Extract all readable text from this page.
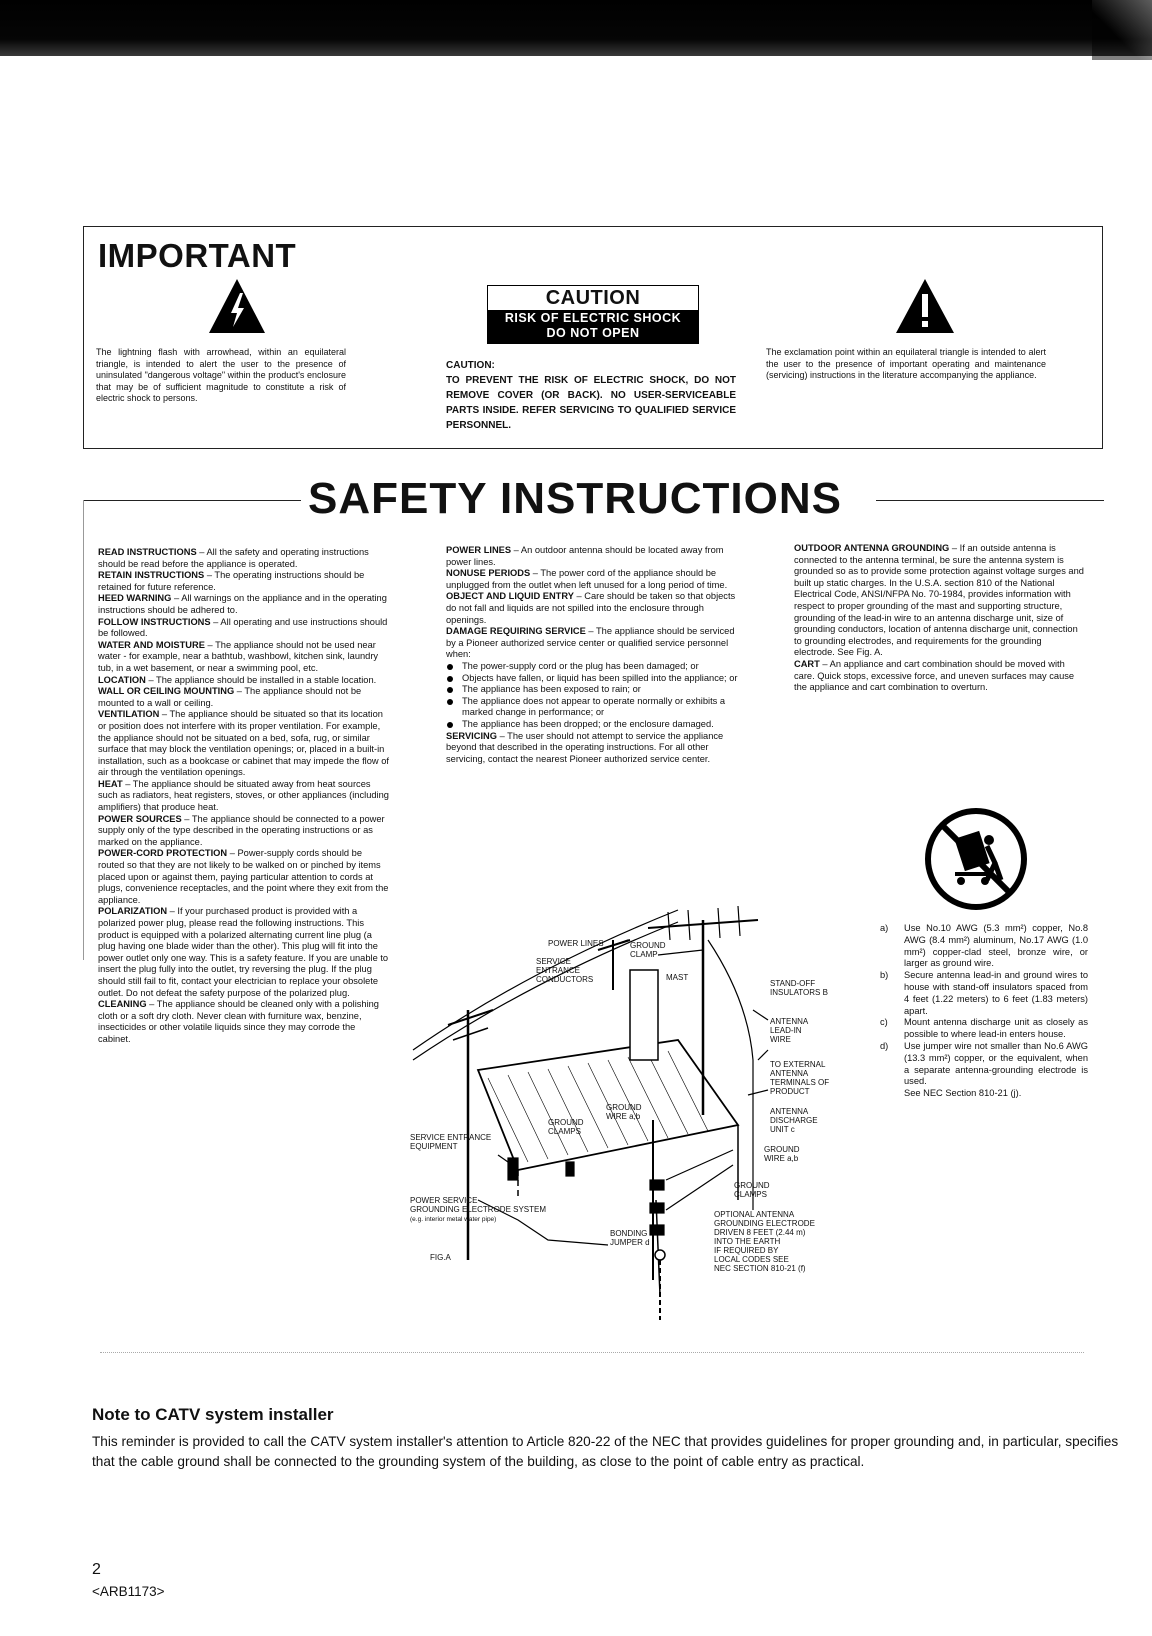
IMPORTANT
The lightning flash with arrowhead, within an equilateral triangle, is intended to alert the user to the presence of uninsulated "dangerous voltage" within the product's enclosure that may be of sufficient magnitude to constitute a risk of electric shock to persons.
CAUTION
RISK OF ELECTRIC SHOCK
DO NOT OPEN
CAUTION:
TO PREVENT THE RISK OF ELECTRIC SHOCK, DO NOT REMOVE COVER (OR BACK). NO USER-SERVICEABLE PARTS INSIDE. REFER SERVICING TO QUALIFIED SERVICE PERSONNEL.
The exclamation point within an equilateral triangle is intended to alert the user to the presence of important operating and maintenance (servicing) instructions in the literature accompanying the appliance.
SAFETY INSTRUCTIONS
READ INSTRUCTIONS – All the safety and operating instructions should be read before the appliance is operated.
RETAIN INSTRUCTIONS – The operating instructions should be retained for future reference.
HEED WARNING – All warnings on the appliance and in the operating instructions should be adhered to.
FOLLOW INSTRUCTIONS – All operating and use instructions should be followed.
WATER AND MOISTURE – The appliance should not be used near water - for example, near a bathtub, washbowl, kitchen sink, laundry tub, in a wet basement, or near a swimming pool, etc.
LOCATION – The appliance should be installed in a stable location.
WALL OR CEILING MOUNTING – The appliance should not be mounted to a wall or ceiling.
VENTILATION – The appliance should be situated so that its location or position does not interfere with its proper ventilation. For example, the appliance should not be situated on a bed, sofa, rug, or similar surface that may block the ventilation openings; or, placed in a built-in installation, such as a bookcase or cabinet that may impede the flow of air through the ventilation openings.
HEAT – The appliance should be situated away from heat sources such as radiators, heat registers, stoves, or other appliances (including amplifiers) that produce heat.
POWER SOURCES – The appliance should be connected to a power supply only of the type described in the operating instructions or as marked on the appliance.
POWER-CORD PROTECTION – Power-supply cords should be routed so that they are not likely to be walked on or pinched by items placed upon or against them, paying particular attention to cords at plugs, convenience receptacles, and the point where they exit from the appliance.
POLARIZATION – If your purchased product is provided with a polarized power plug, please read the following instructions. This product is equipped with a polarized alternating current line plug (a plug having one blade wider than the other). This plug will fit into the power outlet only one way. This is a safety feature. If you are unable to insert the plug fully into the outlet, try reversing the plug. If the plug should still fail to fit, contact your electrician to replace your obsolete outlet. Do not defeat the safety purpose of the polarized plug.
CLEANING – The appliance should be cleaned only with a polishing cloth or a soft dry cloth. Never clean with furniture wax, benzine, insecticides or other volatile liquids since they may corrode the cabinet.
POWER LINES – An outdoor antenna should be located away from power lines.
NONUSE PERIODS – The power cord of the appliance should be unplugged from the outlet when left unused for a long period of time.
OBJECT AND LIQUID ENTRY – Care should be taken so that objects do not fall and liquids are not spilled into the enclosure through openings.
DAMAGE REQUIRING SERVICE – The appliance should be serviced by a Pioneer authorized service center or qualified service personnel when:
The power-supply cord or the plug has been damaged; or
Objects have fallen, or liquid has been spilled into the appliance; or
The appliance has been exposed to rain; or
The appliance does not appear to operate normally or exhibits a marked change in performance; or
The appliance has been dropped; or the enclosure damaged.
SERVICING – The user should not attempt to service the appliance beyond that described in the operating instructions. For all other servicing, contact the nearest Pioneer authorized service center.
OUTDOOR ANTENNA GROUNDING – If an outside antenna is connected to the antenna terminal, be sure the antenna system is grounded so as to provide some protection against voltage surges and built up static charges. In the U.S.A. section 810 of the National Electrical Code, ANSI/NFPA No. 70-1984, provides information with respect to proper grounding of the mast and supporting structure, grounding of the lead-in wire to an antenna discharge unit, size of grounding conductors, location of antenna discharge unit, connection to grounding electrodes, and requirements for the grounding electrode. See Fig. A.
CART – An appliance and cart combination should be moved with care. Quick stops, excessive force, and uneven surfaces may cause the appliance and cart combination to overturn.
a) Use No.10 AWG (5.3 mm²) copper, No.8 AWG (8.4 mm²) aluminum, No.17 AWG (1.0 mm²) copper-clad steel, bronze wire, or larger as ground wire.
b) Secure antenna lead-in and ground wires to house with stand-off insulators spaced from 4 feet (1.22 meters) to 6 feet (1.83 meters) apart.
c) Mount antenna discharge unit as closely as possible to where lead-in enters house.
d) Use jumper wire not smaller than No.6 AWG (13.3 mm²) copper, or the equivalent, when a separate antenna-grounding electrode is used.
See NEC Section 810-21 (j).
POWER LINES	GROUND
CLAMP
SERVICE
ENTRANCE
CONDUCTORS	MAST
STAND-OFF
INSULATORS B
ANTENNA
LEAD-IN
WIRE
TO EXTERNAL
ANTENNA
TERMINALS OF
PRODUCT
GROUND
WIRE a,b
GROUND
CLAMPS
ANTENNA
DISCHARGE
UNIT c
SERVICE ENTRANCE
EQUIPMENT	GROUND
WIRE a,b
GROUND
CLAMPS
POWER SERVICE
GROUNDING ELECTRODE SYSTEM
(e.g. interior metal water pipe)
OPTIONAL ANTENNA
GROUNDING ELECTRODE
DRIVEN 8 FEET (2.44 m)
INTO THE EARTH
IF REQUIRED BY
LOCAL CODES SEE
NEC SECTION 810-21 (f)
BONDING
JUMPER d
FIG.A
Note to CATV system installer

This reminder is provided to call the CATV system installer's attention to Article 820-22 of the NEC that provides guidelines for proper grounding and, in particular, specifies that the cable ground shall be connected to the grounding system of the building, as close to the point of cable entry as practical.

2
<ARB1173>
